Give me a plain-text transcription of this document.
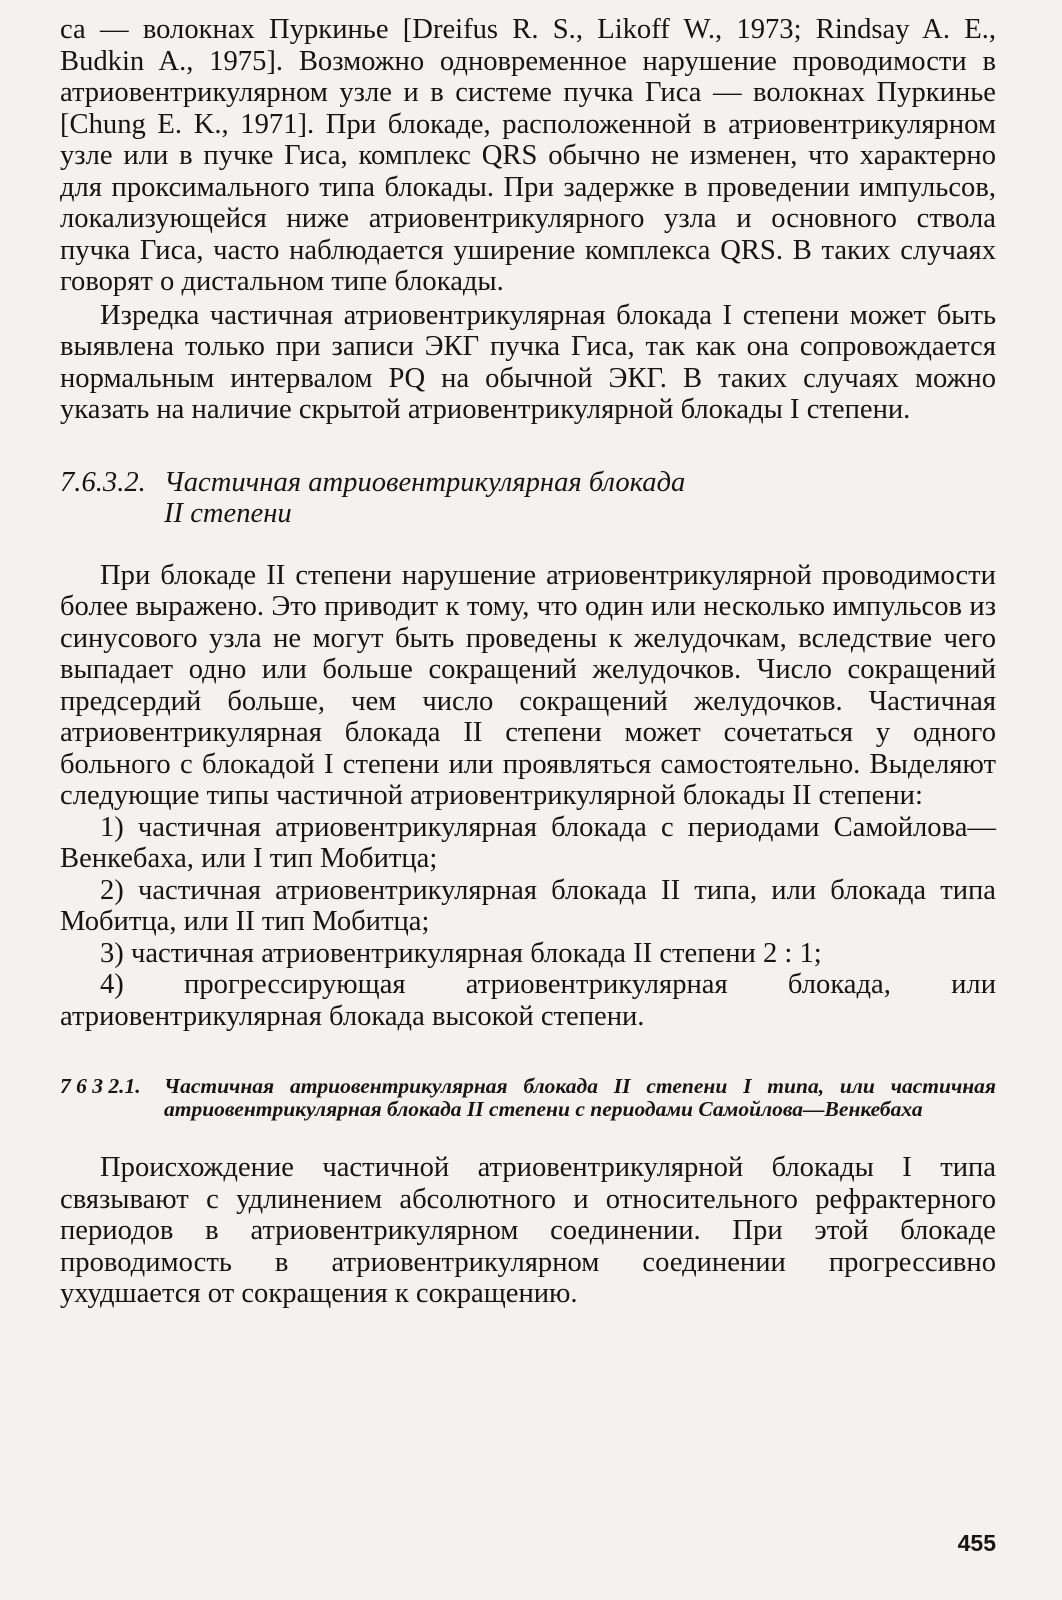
са — волокнах Пуркинье [Dreifus R. S., Likoff W., 1973; Rindsay A. E., Budkin A., 1975]. Возможно одновременное нарушение проводимости в атриовентрикулярном узле и в системе пучка Гиса — волокнах Пуркинье [Chung E. K., 1971]. При блокаде, расположенной в атриовентрикулярном узле или в пучке Гиса, комплекс QRS обычно не изменен, что характерно для проксимального типа блокады. При задержке в проведении импульсов, локализующейся ниже атриовентрикулярного узла и основного ствола пучка Гиса, часто наблюдается уширение комплекса QRS. В таких случаях говорят о дистальном типе блокады.

Изредка частичная атриовентрикулярная блокада I степени может быть выявлена только при записи ЭКГ пучка Гиса, так как она сопровождается нормальным интервалом PQ на обычной ЭКГ. В таких случаях можно указать на наличие скрытой атриовентрикулярной блокады I степени.

7.6.3.2. Частичная атриовентрикулярная блокада
II степени

При блокаде II степени нарушение атриовентрикулярной проводимости более выражено. Это приводит к тому, что один или несколько импульсов из синусового узла не могут быть проведены к желудочкам, вследствие чего выпадает одно или больше сокращений желудочков. Число сокращений предсердий больше, чем число сокращений желудочков. Частичная атриовентрикулярная блокада II степени может сочетаться у одного больного с блокадой I степени или проявляться самостоятельно. Выделяют следующие типы частичной атриовентрикулярной блокады II степени:

1) частичная атриовентрикулярная блокада с периодами Самойлова—Венкебаха, или I тип Мобитца;

2) частичная атриовентрикулярная блокада II типа, или блокада типа Мобитца, или II тип Мобитца;

3) частичная атриовентрикулярная блокада II степени 2 : 1;

4) прогрессирующая атриовентрикулярная блокада, или атриовентрикулярная блокада высокой степени.

7 6 3 2.1. Частичная атриовентрикулярная блокада II степени I типа, или частичная атриовентрикулярная блокада II степени с периодами Самойлова—Венкебаха

Происхождение частичной атриовентрикулярной блокады I типа связывают с удлинением абсолютного и относительного рефрактерного периодов в атриовентрикулярном соединении. При этой блокаде проводимость в атриовентрикулярном соединении прогрессивно ухудшается от сокращения к сокращению.

455
